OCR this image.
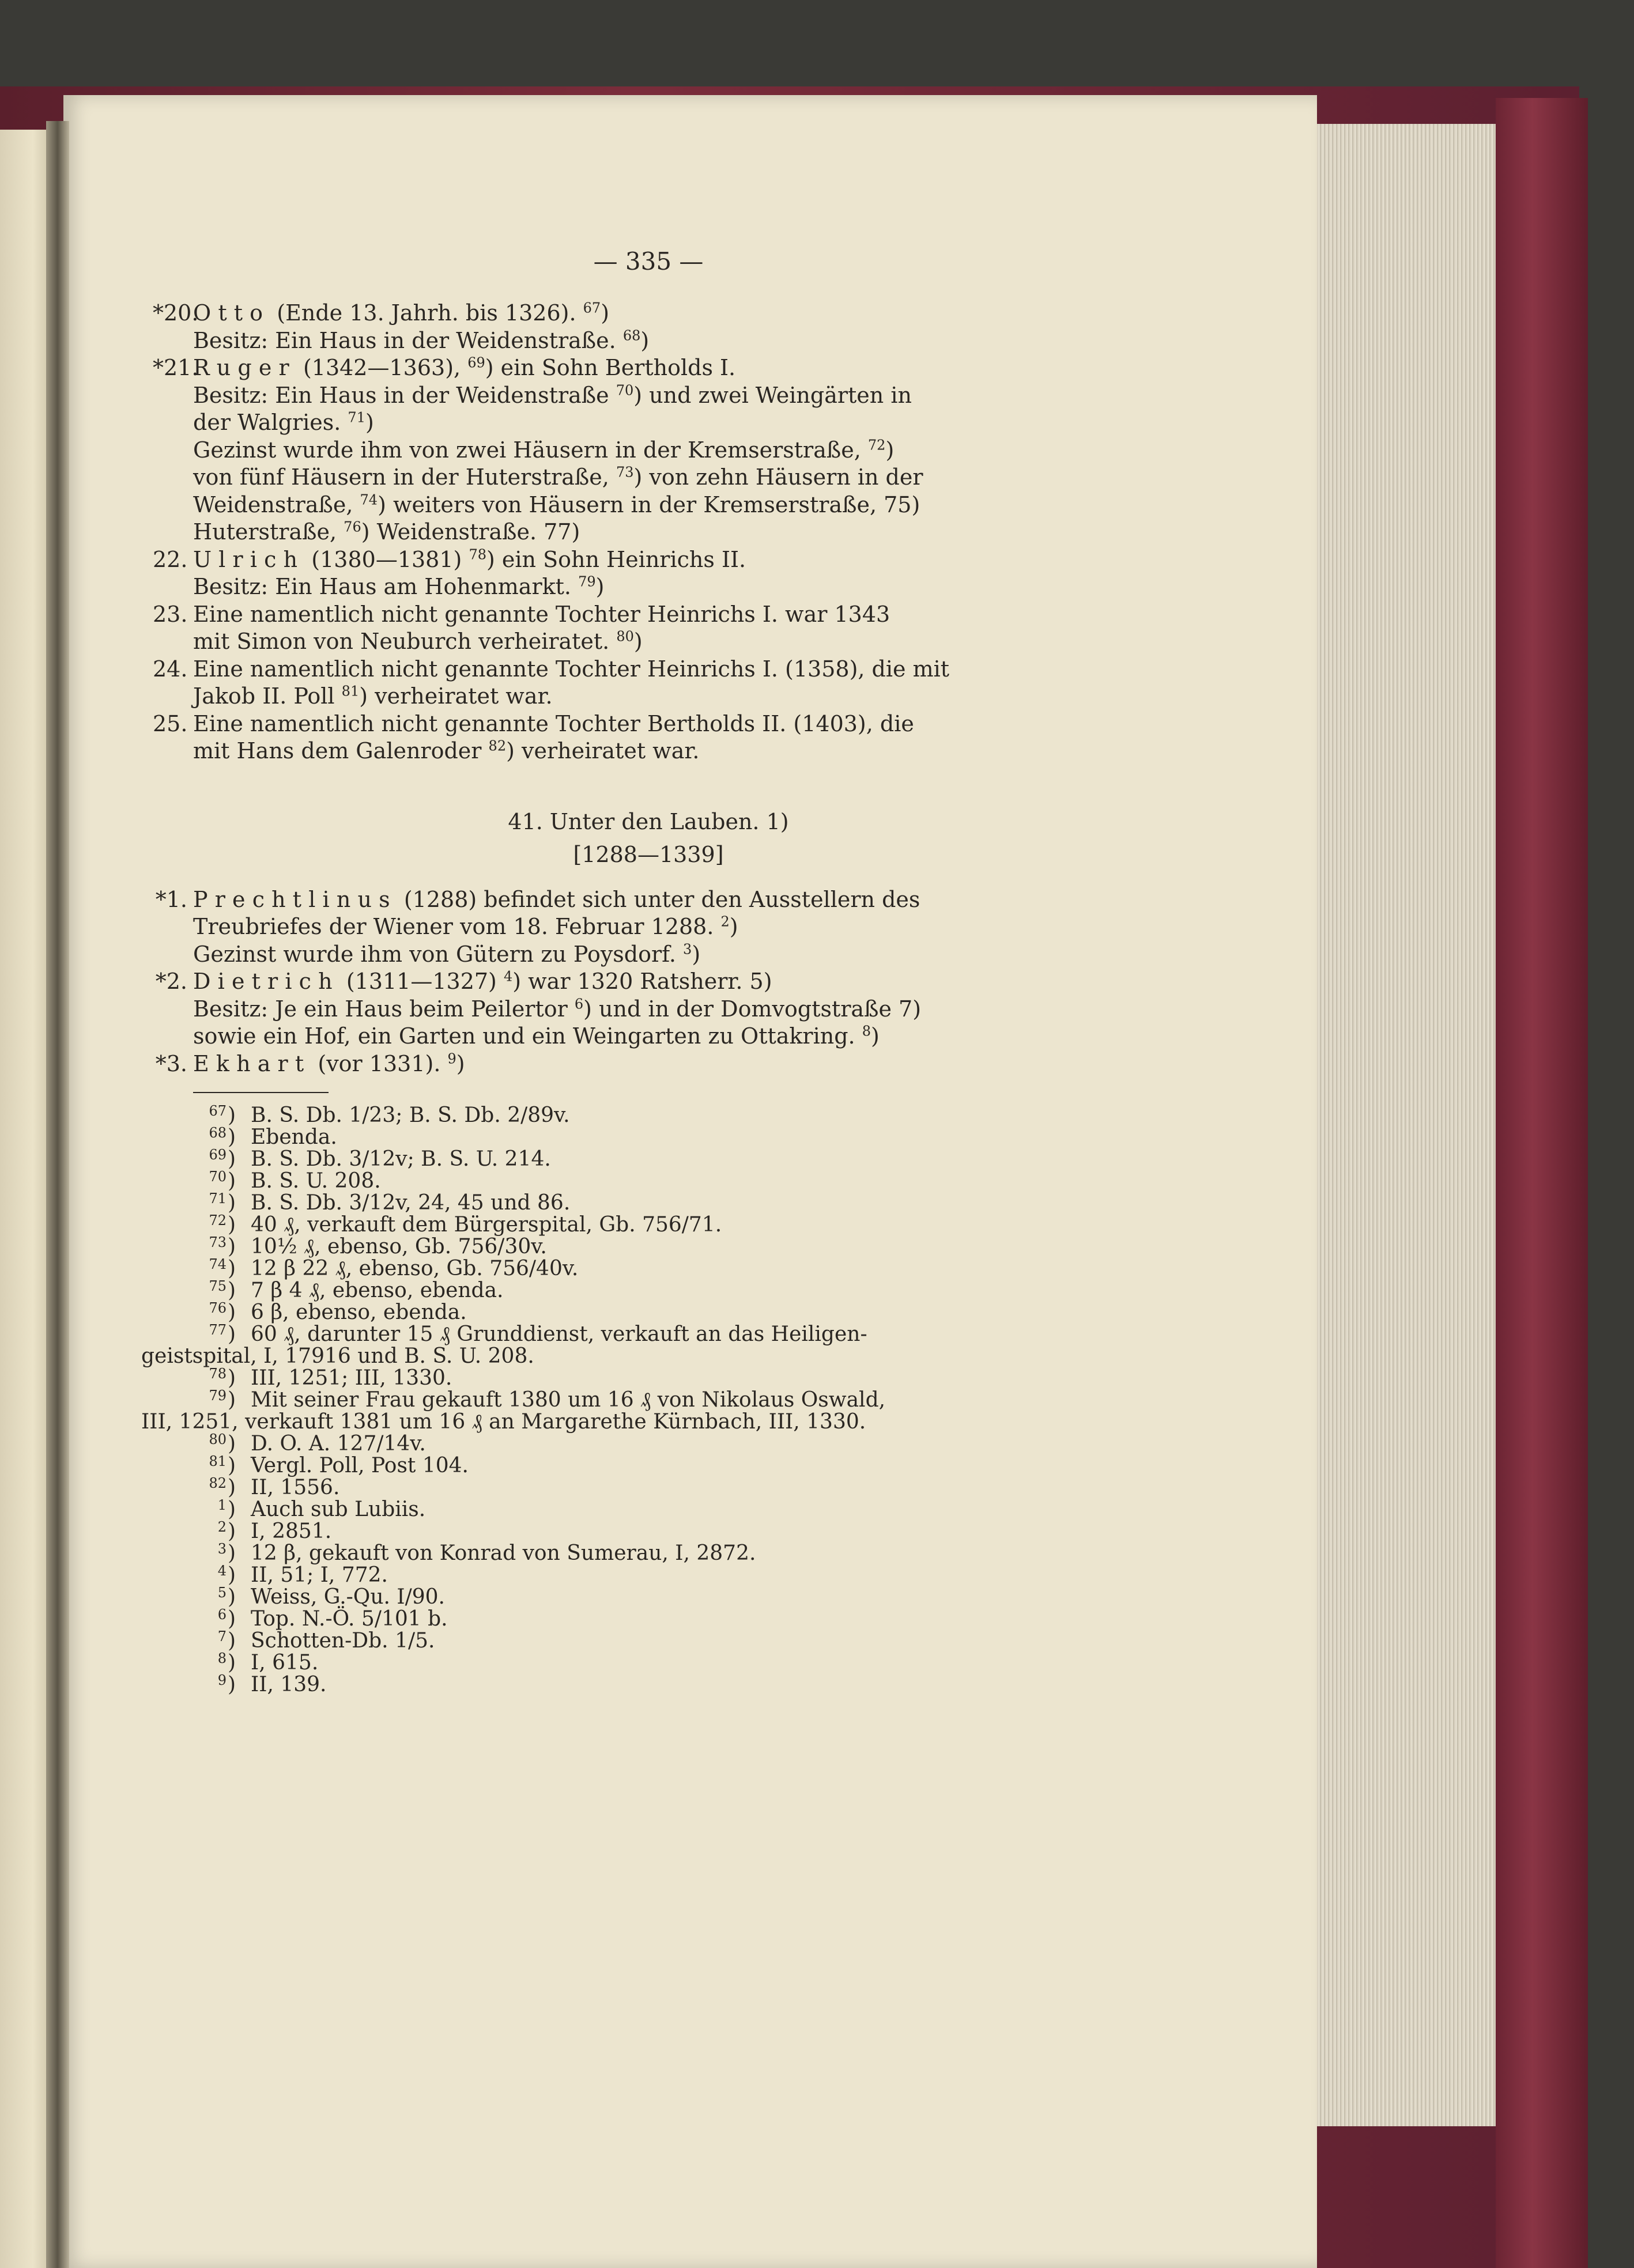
— 335 —
*20.
Otto (Ende 13. Jahrh. bis 1326). $^{67}$)
Besitz: Ein Haus in der Weidenstraße. $^{68}$)
*21.
Ruger (1342—1363), $^{69}$) ein Sohn Bertholds I.
Besitz: Ein Haus in der Weidenstraße $^{70}$) und zwei Weingärten in
der Walgries. $^{71}$)
Gezinst wurde ihm von zwei Häusern in der Kremserstraße, $^{72}$)
von fünf Häusern in der Huterstraße, $^{73}$) von zehn Häusern in der
Weidenstraße, $^{74}$) weiters von Häusern in der Kremserstraße, 75)
Huterstraße, $^{76}$) Weidenstraße. 77)
22. Ulrich (1380—1381) $^{78}$) ein Sohn Heinrichs II.
Besitz: Ein Haus am Hohenmarkt. $^{79}$)
23. Eine namentlich nicht genannte Tochter Heinrichs I. war 1343
mit Simon von Neuburch verheiratet. $^{80}$)
24. Eine namentlich nicht genannte Tochter Heinrichs I. (1358), die mit
Jakob II. Poll $^{81}$) verheiratet war.
25. Eine namentlich nicht genannte Tochter Bertholds II. (1403), die
mit Hans dem Galenroder $^{82}$) verheiratet war.
41. Unter den Lauben. 1)
[1288—1339]
*1. Prechtlinus (1288) befindet sich unter den Ausstellern des
Treubriefes der Wiener vom 18. Februar 1288. $^2$)
Gezinst wurde ihm von Gütern zu Poysdorf. $^3$)
*2. Dietrich (1311—1327) $^4$) war 1320 Ratsherr. 5)
Besitz: Je ein Haus beim Peilertor $^6$) und in der Domvogtstraße 7)
sowie ein Hof, ein Garten und ein Weingarten zu Ottakring. $^8$)
*3. Ekhart (vor 1331). $^9$)
67 ) B. S. Db. 1/23; B. S. Db. 2/89v.
68 ) Ebenda.
69 ) B. S. Db. 3/12v; B. S. U. 214.
70 ) B. S. U. 208.
71 ) B. S. Db. 3/12v, 24, 45 und 86.
72 ) 40 ₰, verkauft dem Bürgerspital, Gb. 756/71.
73 ) 10½ ₰, ebenso, Gb. 756/30v.
74 ) 12 β 22 ₰, ebenso, Gb. 756/40v.
75 ) 7 β 4 ₰, ebenso, ebenda.
76 ) 6 β, ebenso, ebenda.
77 ) 60 ₰, darunter 15 ₰ Grunddienst, verkauft an das Heiligen-
geistspital, I, 17916 und B. S. U. 208.
78 ) III, 1251; III, 1330.
79 ) Mit seiner Frau gekauft 1380 um 16 ₰ von Nikolaus Oswald,
III, 1251, verkauft 1381 um 16 ₰ an Margarethe Kürnbach, III, 1330.
80 ) D. O. A. 127/14v.
81 ) Vergl. Poll, Post 104.
82 ) II, 1556.
1 ) Auch sub Lubiis.
2 ) I, 2851.
3 ) 12 β, gekauft von Konrad von Sumerau, I, 2872.
4 ) II, 51; I, 772.
5 ) Weiss, G.-Qu. I/90.
6 ) Top. N.-Ö. 5/101 b.
7 ) Schotten-Db. 1/5.
8 ) I, 615.
9 ) II, 139.
